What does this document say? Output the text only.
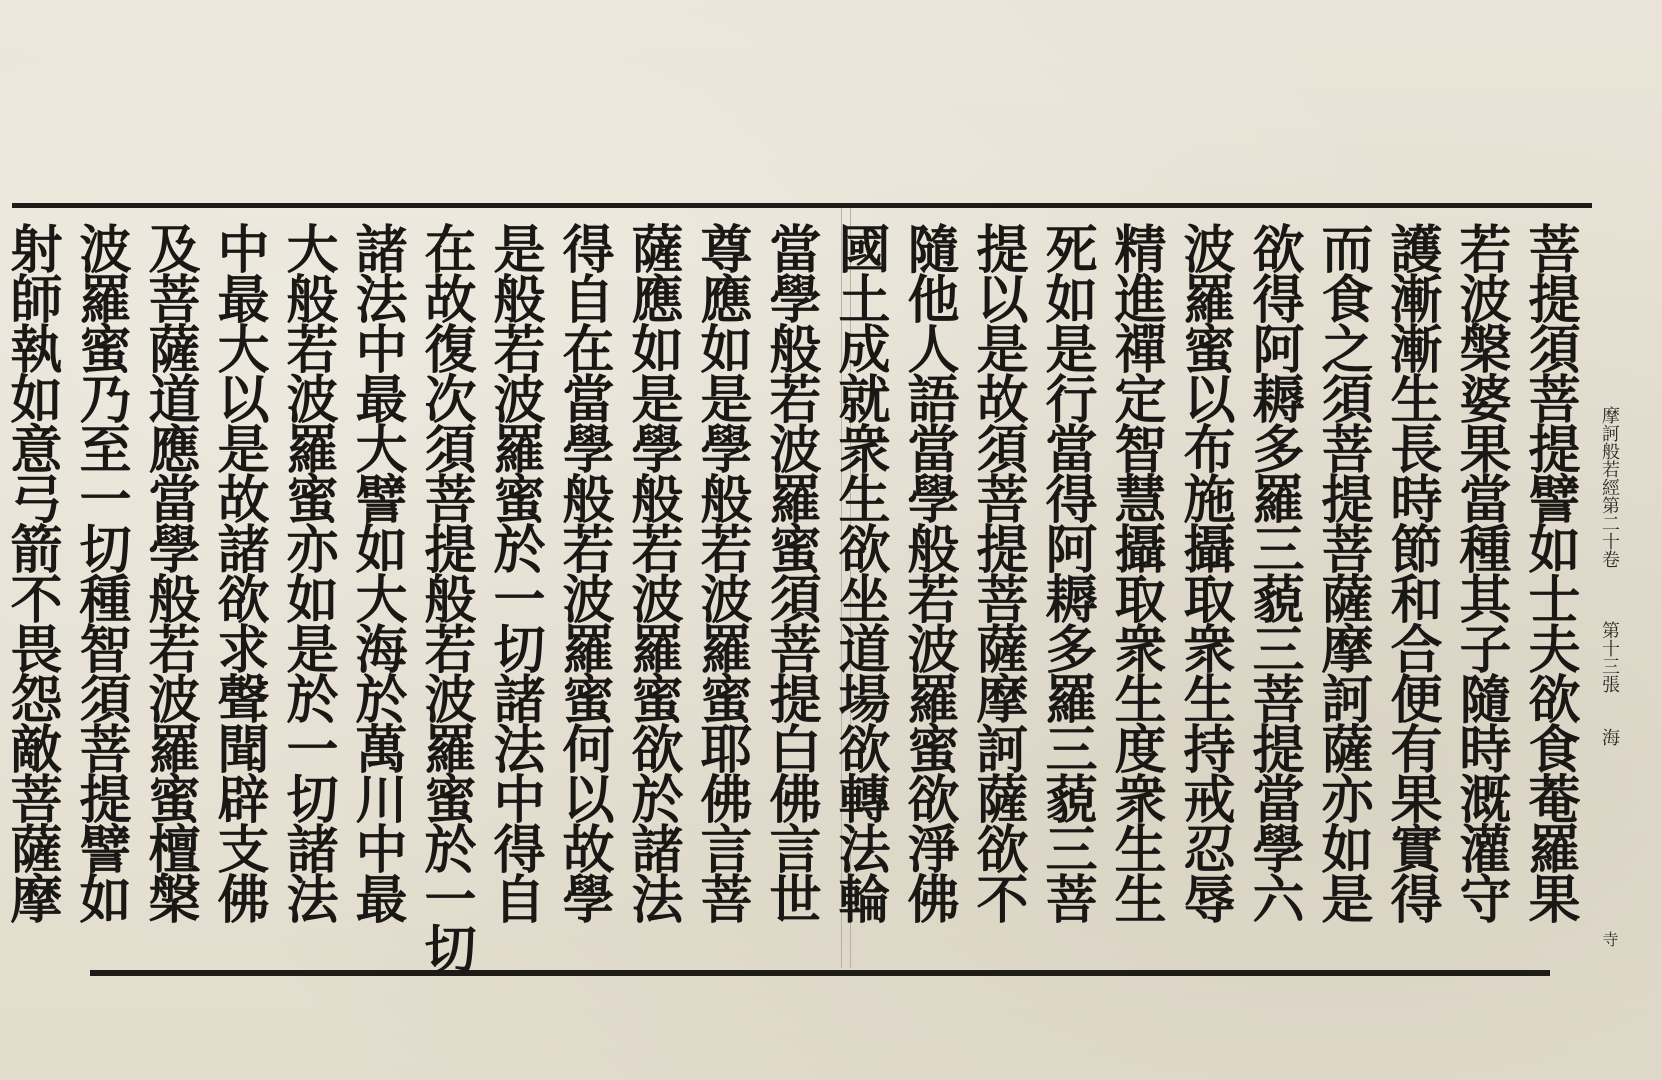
菩提須菩提譬如士夫欲食菴羅果
若波槃婆果當種其子隨時溉灌守
護漸漸生長時節和合便有果實得
而食之須菩提菩薩摩訶薩亦如是
欲得阿耨多羅三藐三菩提當學六
波羅蜜以布施攝取衆生持戒忍辱
精進禪定智慧攝取衆生度衆生生
死如是行當得阿耨多羅三藐三菩
提以是故須菩提菩薩摩訶薩欲不
隨他人語當學般若波羅蜜欲淨佛
國土成就衆生欲坐道場欲轉法輪
當學般若波羅蜜須菩提白佛言世
尊應如是學般若波羅蜜耶佛言菩
薩應如是學般若波羅蜜欲於諸法
得自在當學般若波羅蜜何以故學
是般若波羅蜜於一切諸法中得自
在故復次須菩提般若波羅蜜於一切
諸法中最大譬如大海於萬川中最
大般若波羅蜜亦如是於一切諸法
中最大以是故諸欲求聲聞辟支佛
及菩薩道應當學般若波羅蜜檀槃
波羅蜜乃至一切種智須菩提譬如
射師執如意弓箭不畏怨敵菩薩摩	摩訶般若經第二十卷
第十三張
海
寺
